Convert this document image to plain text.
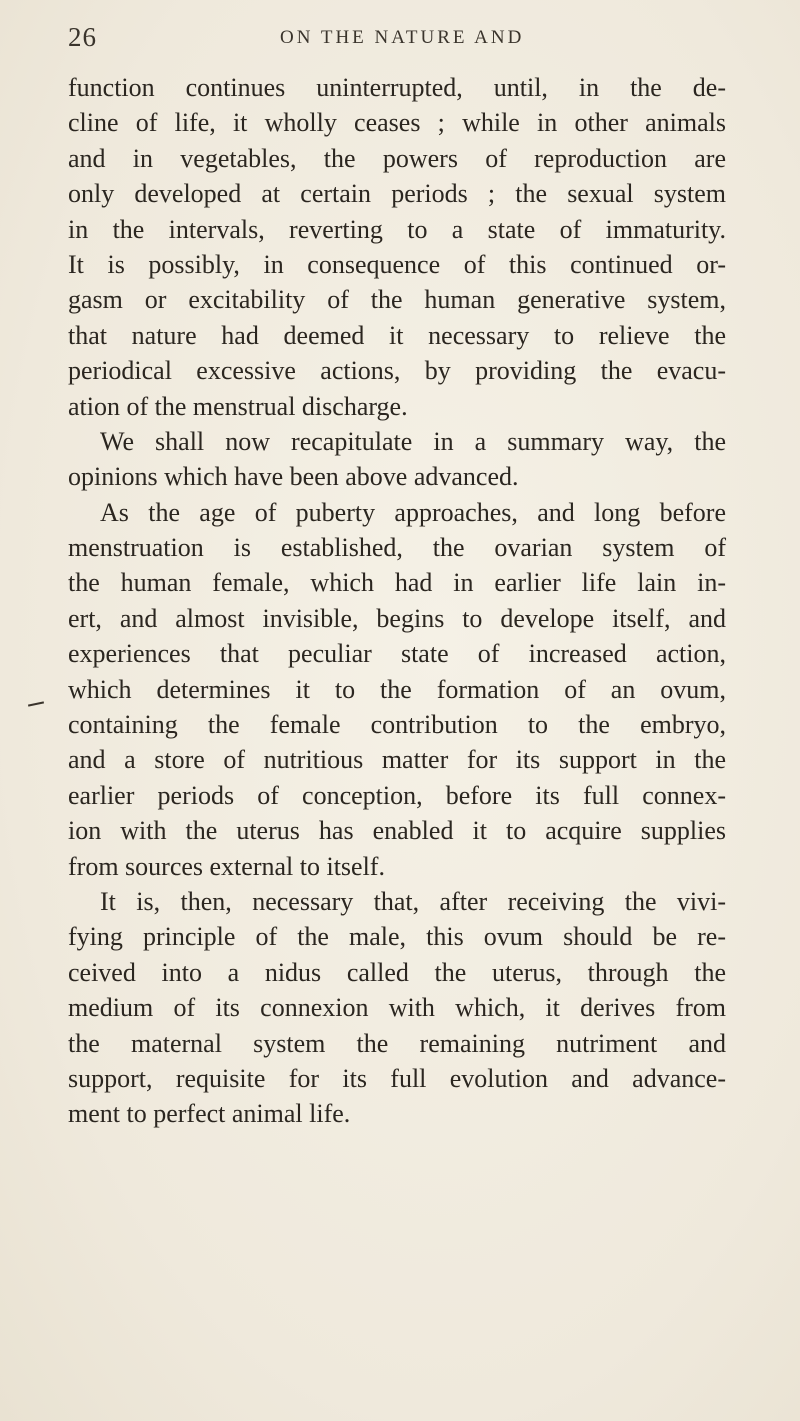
26	ON THE NATURE AND
function continues uninterrupted, until, in the de-
cline of life, it wholly ceases ; while in other animals
and in vegetables, the powers of reproduction are
only developed at certain periods ; the sexual system
in the intervals, reverting to a state of immaturity.
It is possibly, in consequence of this continued or-
gasm or excitability of the human generative system,
that nature had deemed it necessary to relieve the
periodical excessive actions, by providing the evacu-
ation of the menstrual discharge.
We shall now recapitulate in a summary way, the
opinions which have been above advanced.
As the age of puberty approaches, and long before
menstruation is established, the ovarian system of
the human female, which had in earlier life lain in-
ert, and almost invisible, begins to develope itself, and
experiences that peculiar state of increased action,
which determines it to the formation of an ovum,
containing the female contribution to the embryo,
and a store of nutritious matter for its support in the
earlier periods of conception, before its full connex-
ion with the uterus has enabled it to acquire supplies
from sources external to itself.
It is, then, necessary that, after receiving the vivi-
fying principle of the male, this ovum should be re-
ceived into a nidus called the uterus, through the
medium of its connexion with which, it derives from
the maternal system the remaining nutriment and
support, requisite for its full evolution and advance-
ment to perfect animal life.
